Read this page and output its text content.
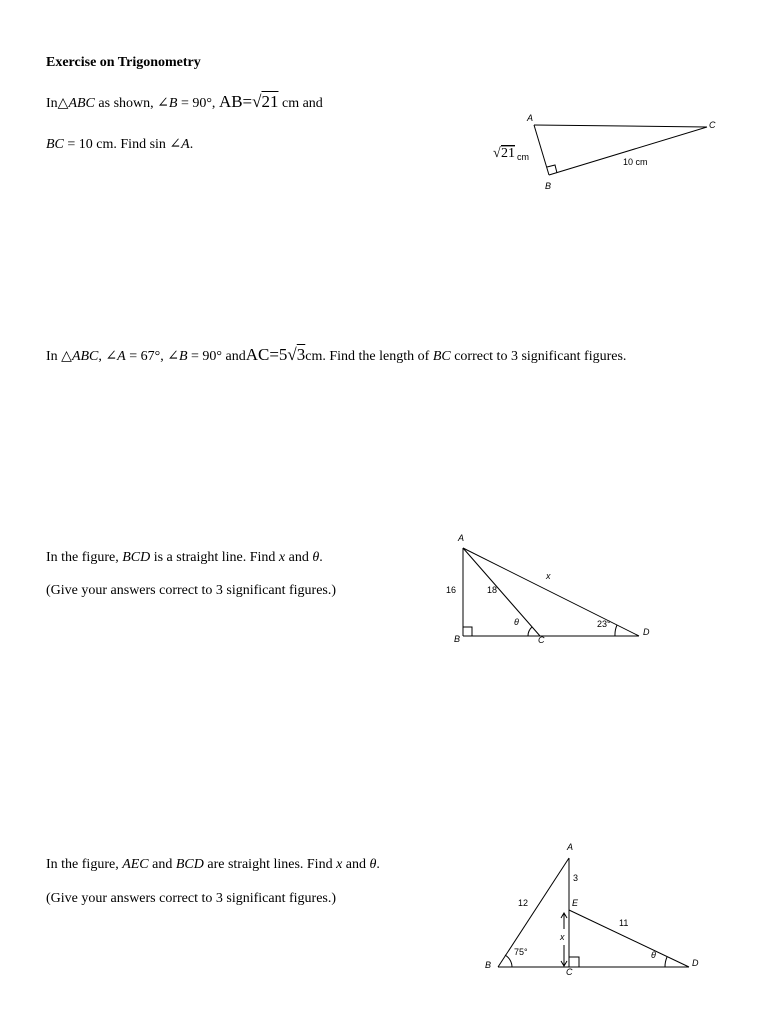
Exercise on Trigonometry
In△ABC as shown, ∠B = 90°, AB=√21 cm and
BC = 10 cm. Find sin ∠A.
A
B
C
√ 21 cm	10 cm
In △ABC, ∠A = 67°, ∠B = 90° andAC=5√3cm. Find the length of BC correct to 3 significant figures.
In the figure, BCD is a straight line. Find x and θ.
(Give your answers correct to 3 significant figures.)
A
B	C
D
16	18
x
θ	23°
In the figure, AEC and BCD are straight lines. Find x and θ.
(Give your answers correct to 3 significant figures.)
A
B
C
D
E
12
3
11
x
75°	θ
